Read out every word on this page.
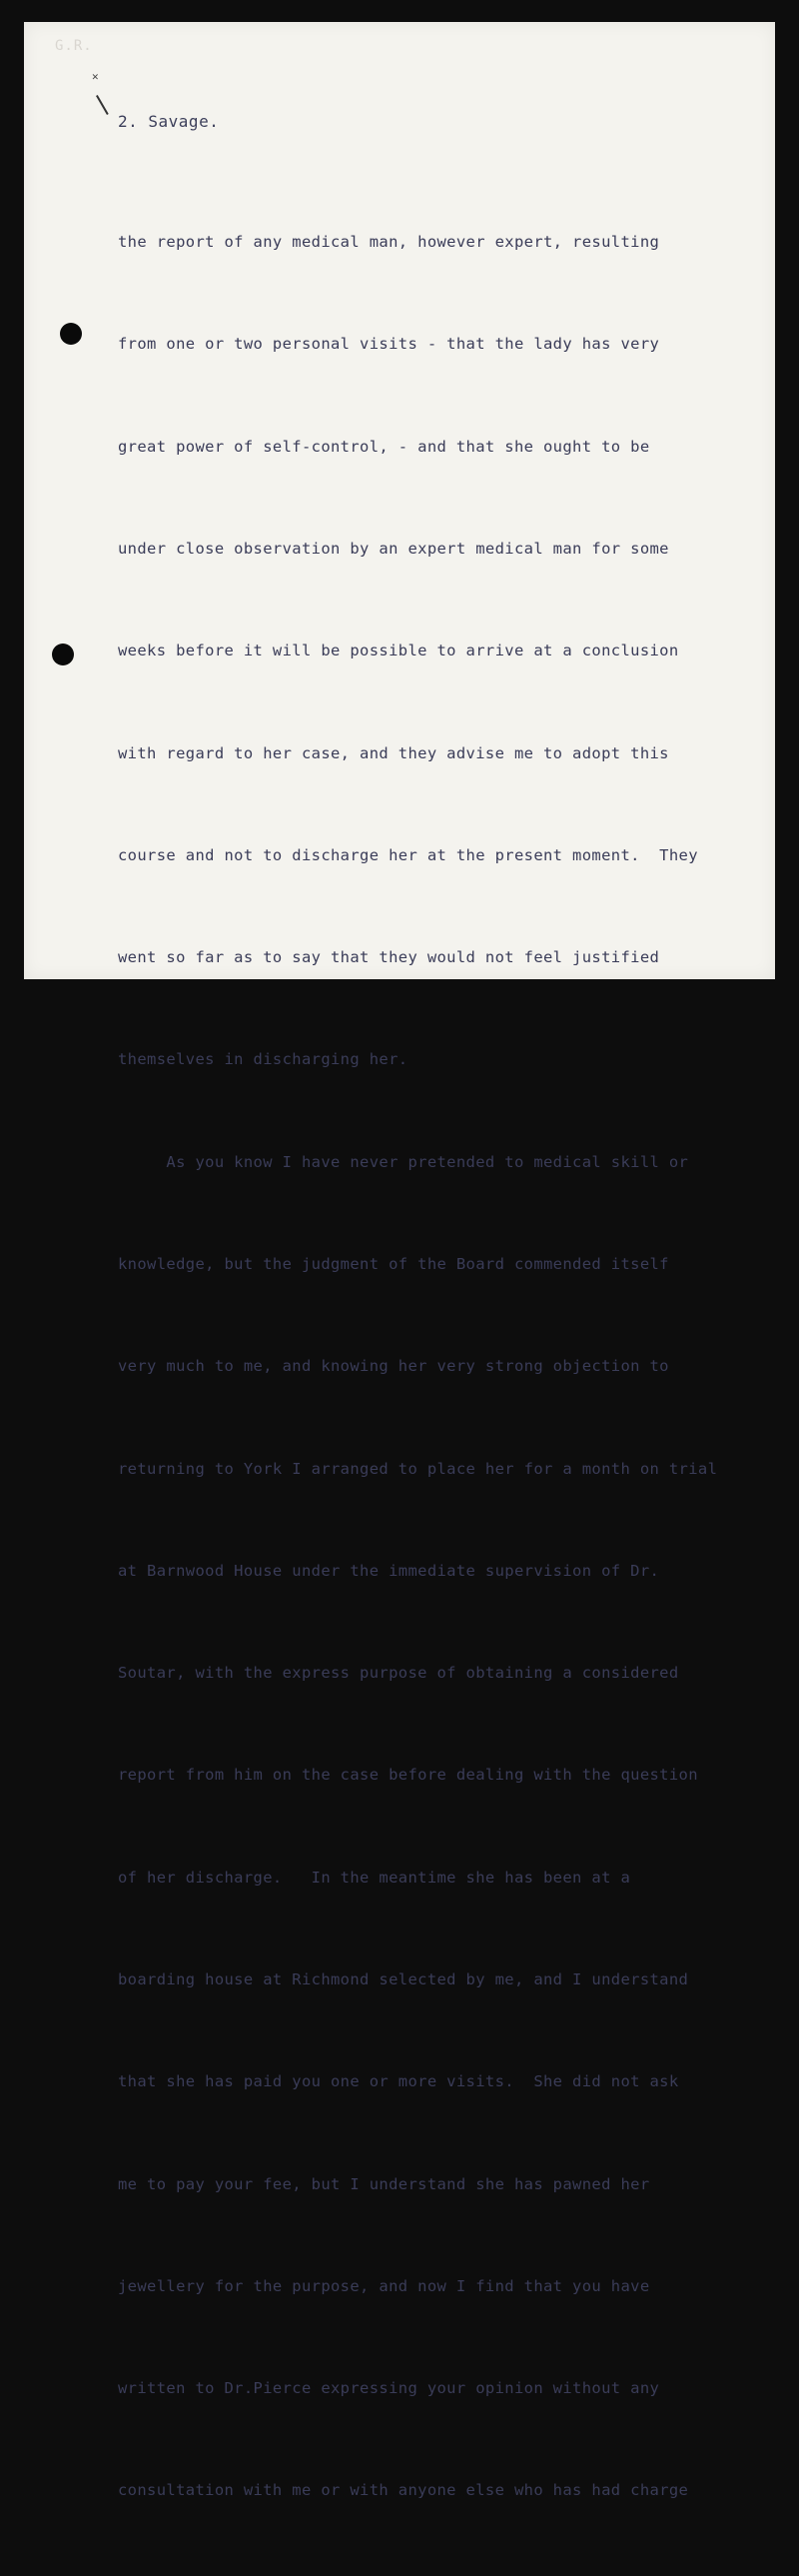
G.R.
✕
2. Savage.

the report of any medical man, however expert, resulting

from one or two personal visits - that the lady has very

great power of self-control, - and that she ought to be

under close observation by an expert medical man for some

weeks before it will be possible to arrive at a conclusion

with regard to her case, and they advise me to adopt this

course and not to discharge her at the present moment.  They

went so far as to say that they would not feel justified

themselves in discharging her.

As you know I have never pretended to medical skill or

knowledge, but the judgment of the Board commended itself

very much to me, and knowing her very strong objection to

returning to York I arranged to place her for a month on trial

at Barnwood House under the immediate supervision of Dr.

Soutar, with the express purpose of obtaining a considered

report from him on the case before dealing with the question

of her discharge.   In the meantime she has been at a

boarding house at Richmond selected by me, and I understand

that she has paid you one or more visits.  She did not ask

me to pay your fee, but I understand she has pawned her

jewellery for the purpose, and now I find that you have

written to Dr.Pierce expressing your opinion without any

consultation with me or with anyone else who has had charge
